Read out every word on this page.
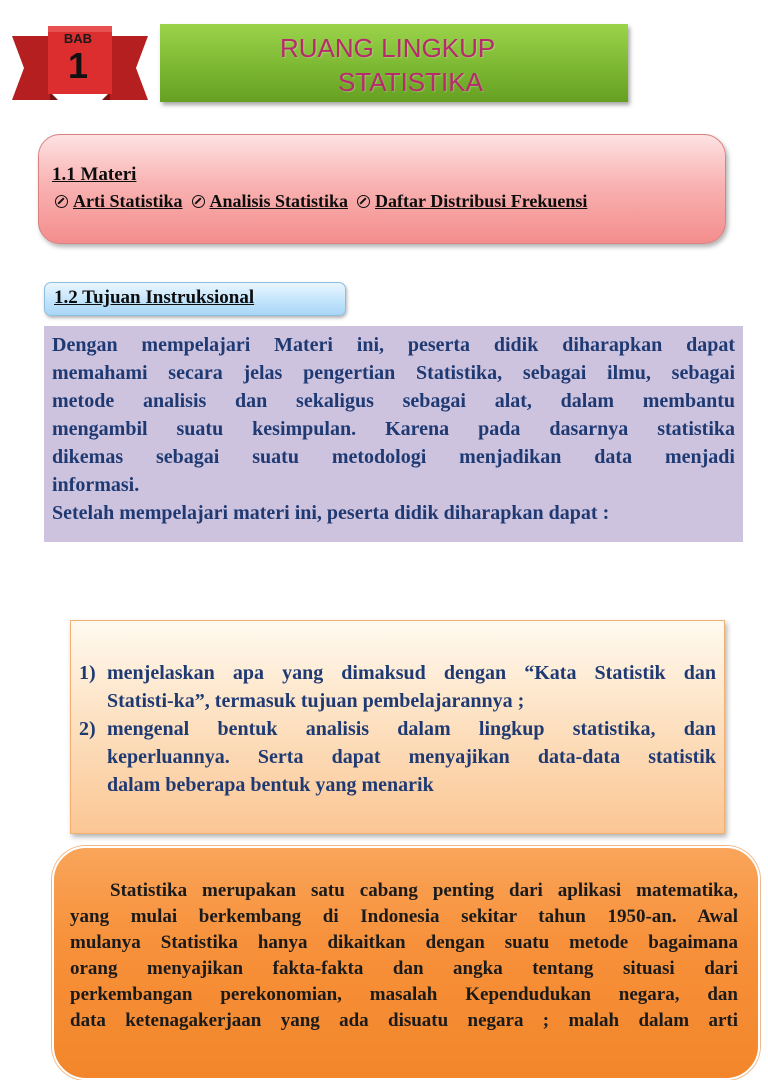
BAB
1	RUANG LINGKUP
STATISTIKA
1.1 Materi
Arti Statistika Analisis Statistika Daftar Distribusi Frekuensi
1.2 Tujuan Instruksional
Dengan mempelajari Materi ini, peserta didik diharapkan dapat
memahami secara jelas pengertian Statistika, sebagai ilmu, sebagai
metode analisis dan sekaligus sebagai alat, dalam membantu
mengambil suatu kesimpulan. Karena pada dasarnya statistika
dikemas sebagai suatu metodologi menjadikan data menjadi
informasi.
Setelah mempelajari materi ini, peserta didik diharapkan dapat :
1) menjelaskan apa yang dimaksud dengan “Kata Statistik dan
Statisti-ka”, termasuk tujuan pembelajarannya ;
2) mengenal bentuk analisis dalam lingkup statistika, dan
keperluannya. Serta dapat menyajikan data-data statistik
dalam beberapa bentuk yang menarik
Statistika merupakan satu cabang penting dari aplikasi matematika,
yang mulai berkembang di Indonesia sekitar tahun 1950-an. Awal
mulanya Statistika hanya dikaitkan dengan suatu metode bagaimana
orang menyajikan fakta-fakta dan angka tentang situasi dari
perkembangan perekonomian, masalah Kependudukan negara, dan
data ketenagakerjaan yang ada disuatu negara ; malah dalam arti
